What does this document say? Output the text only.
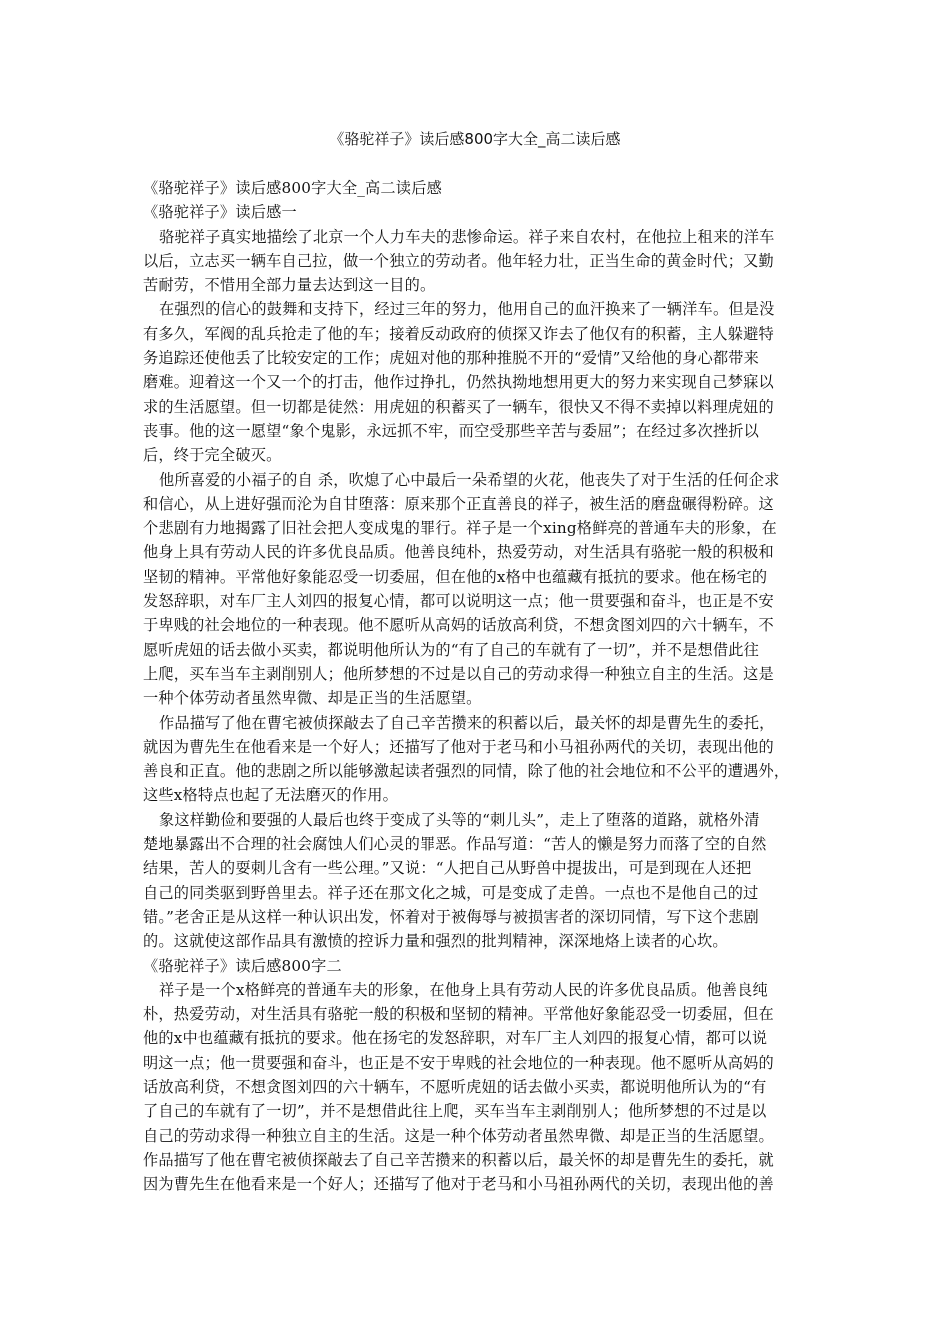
《骆驼祥子》读后感800字大全_高二读后感

《骆驼祥子》读后感800字大全_高二读后感

《骆驼祥子》读后感一

骆驼祥子真实地描绘了北京一个人力车夫的悲惨命运。祥子来自农村，在他拉上租来的洋车

以后，立志买一辆车自己拉，做一个独立的劳动者。他年轻力壮，正当生命的黄金时代；又勤

苦耐劳，不惜用全部力量去达到这一目的。

在强烈的信心的鼓舞和支持下，经过三年的努力，他用自己的血汗换来了一辆洋车。但是没

有多久，军阀的乱兵抢走了他的车；接着反动政府的侦探又诈去了他仅有的积蓄，主人躲避特

务追踪还使他丢了比较安定的工作；虎妞对他的那种推脱不开的“爱情”又给他的身心都带来

磨难。迎着这一个又一个的打击，他作过挣扎，仍然执拗地想用更大的努力来实现自己梦寐以

求的生活愿望。但一切都是徒然：用虎妞的积蓄买了一辆车，很快又不得不卖掉以料理虎妞的

丧事。他的这一愿望“象个鬼影，永远抓不牢，而空受那些辛苦与委屈”；在经过多次挫折以

后，终于完全破灭。

他所喜爱的小福子的自 杀，吹熄了心中最后一朵希望的火花，他丧失了对于生活的任何企求

和信心，从上进好强而沦为自甘堕落：原来那个正直善良的祥子，被生活的磨盘碾得粉碎。这

个悲剧有力地揭露了旧社会把人变成鬼的罪行。祥子是一个xing格鲜亮的普通车夫的形象，在

他身上具有劳动人民的许多优良品质。他善良纯朴，热爱劳动，对生活具有骆驼一般的积极和

坚韧的精神。平常他好象能忍受一切委屈，但在他的x格中也蕴藏有抵抗的要求。他在杨宅的

发怒辞职，对车厂主人刘四的报复心情，都可以说明这一点；他一贯要强和奋斗，也正是不安

于卑贱的社会地位的一种表现。他不愿听从高妈的话放高利贷，不想贪图刘四的六十辆车，不

愿听虎妞的话去做小买卖，都说明他所认为的“有了自己的车就有了一切”，并不是想借此往

上爬，买车当车主剥削别人；他所梦想的不过是以自己的劳动求得一种独立自主的生活。这是

一种个体劳动者虽然卑微、却是正当的生活愿望。

作品描写了他在曹宅被侦探敲去了自己辛苦攒来的积蓄以后，最关怀的却是曹先生的委托，

就因为曹先生在他看来是一个好人；还描写了他对于老马和小马祖孙两代的关切，表现出他的

善良和正直。他的悲剧之所以能够激起读者强烈的同情，除了他的社会地位和不公平的遭遇外，

这些x格特点也起了无法磨灭的作用。

象这样勤俭和要强的人最后也终于变成了头等的“刺儿头”，走上了堕落的道路，就格外清

楚地暴露出不合理的社会腐蚀人们心灵的罪恶。作品写道：“苦人的懒是努力而落了空的自然

结果，苦人的耍刺儿含有一些公理。”又说：“人把自己从野兽中提拔出，可是到现在人还把

自己的同类驱到野兽里去。祥子还在那文化之城，可是变成了走兽。一点也不是他自己的过

错。”老舍正是从这样一种认识出发，怀着对于被侮辱与被损害者的深切同情，写下这个悲剧

的。这就使这部作品具有激愤的控诉力量和强烈的批判精神，深深地烙上读者的心坎。

《骆驼祥子》读后感800字二

祥子是一个x格鲜亮的普通车夫的形象，在他身上具有劳动人民的许多优良品质。他善良纯

朴，热爱劳动，对生活具有骆驼一般的积极和坚韧的精神。平常他好象能忍受一切委屈，但在

他的x中也蕴藏有抵抗的要求。他在扬宅的发怒辞职，对车厂主人刘四的报复心情，都可以说

明这一点；他一贯要强和奋斗，也正是不安于卑贱的社会地位的一种表现。他不愿听从高妈的

话放高利贷，不想贪图刘四的六十辆车，不愿听虎妞的话去做小买卖，都说明他所认为的“有

了自己的车就有了一切”，并不是想借此往上爬，买车当车主剥削别人；他所梦想的不过是以

自己的劳动求得一种独立自主的生活。这是一种个体劳动者虽然卑微、却是正当的生活愿望。

作品描写了他在曹宅被侦探敲去了自己辛苦攒来的积蓄以后，最关怀的却是曹先生的委托，就

因为曹先生在他看来是一个好人；还描写了他对于老马和小马祖孙两代的关切，表现出他的善
